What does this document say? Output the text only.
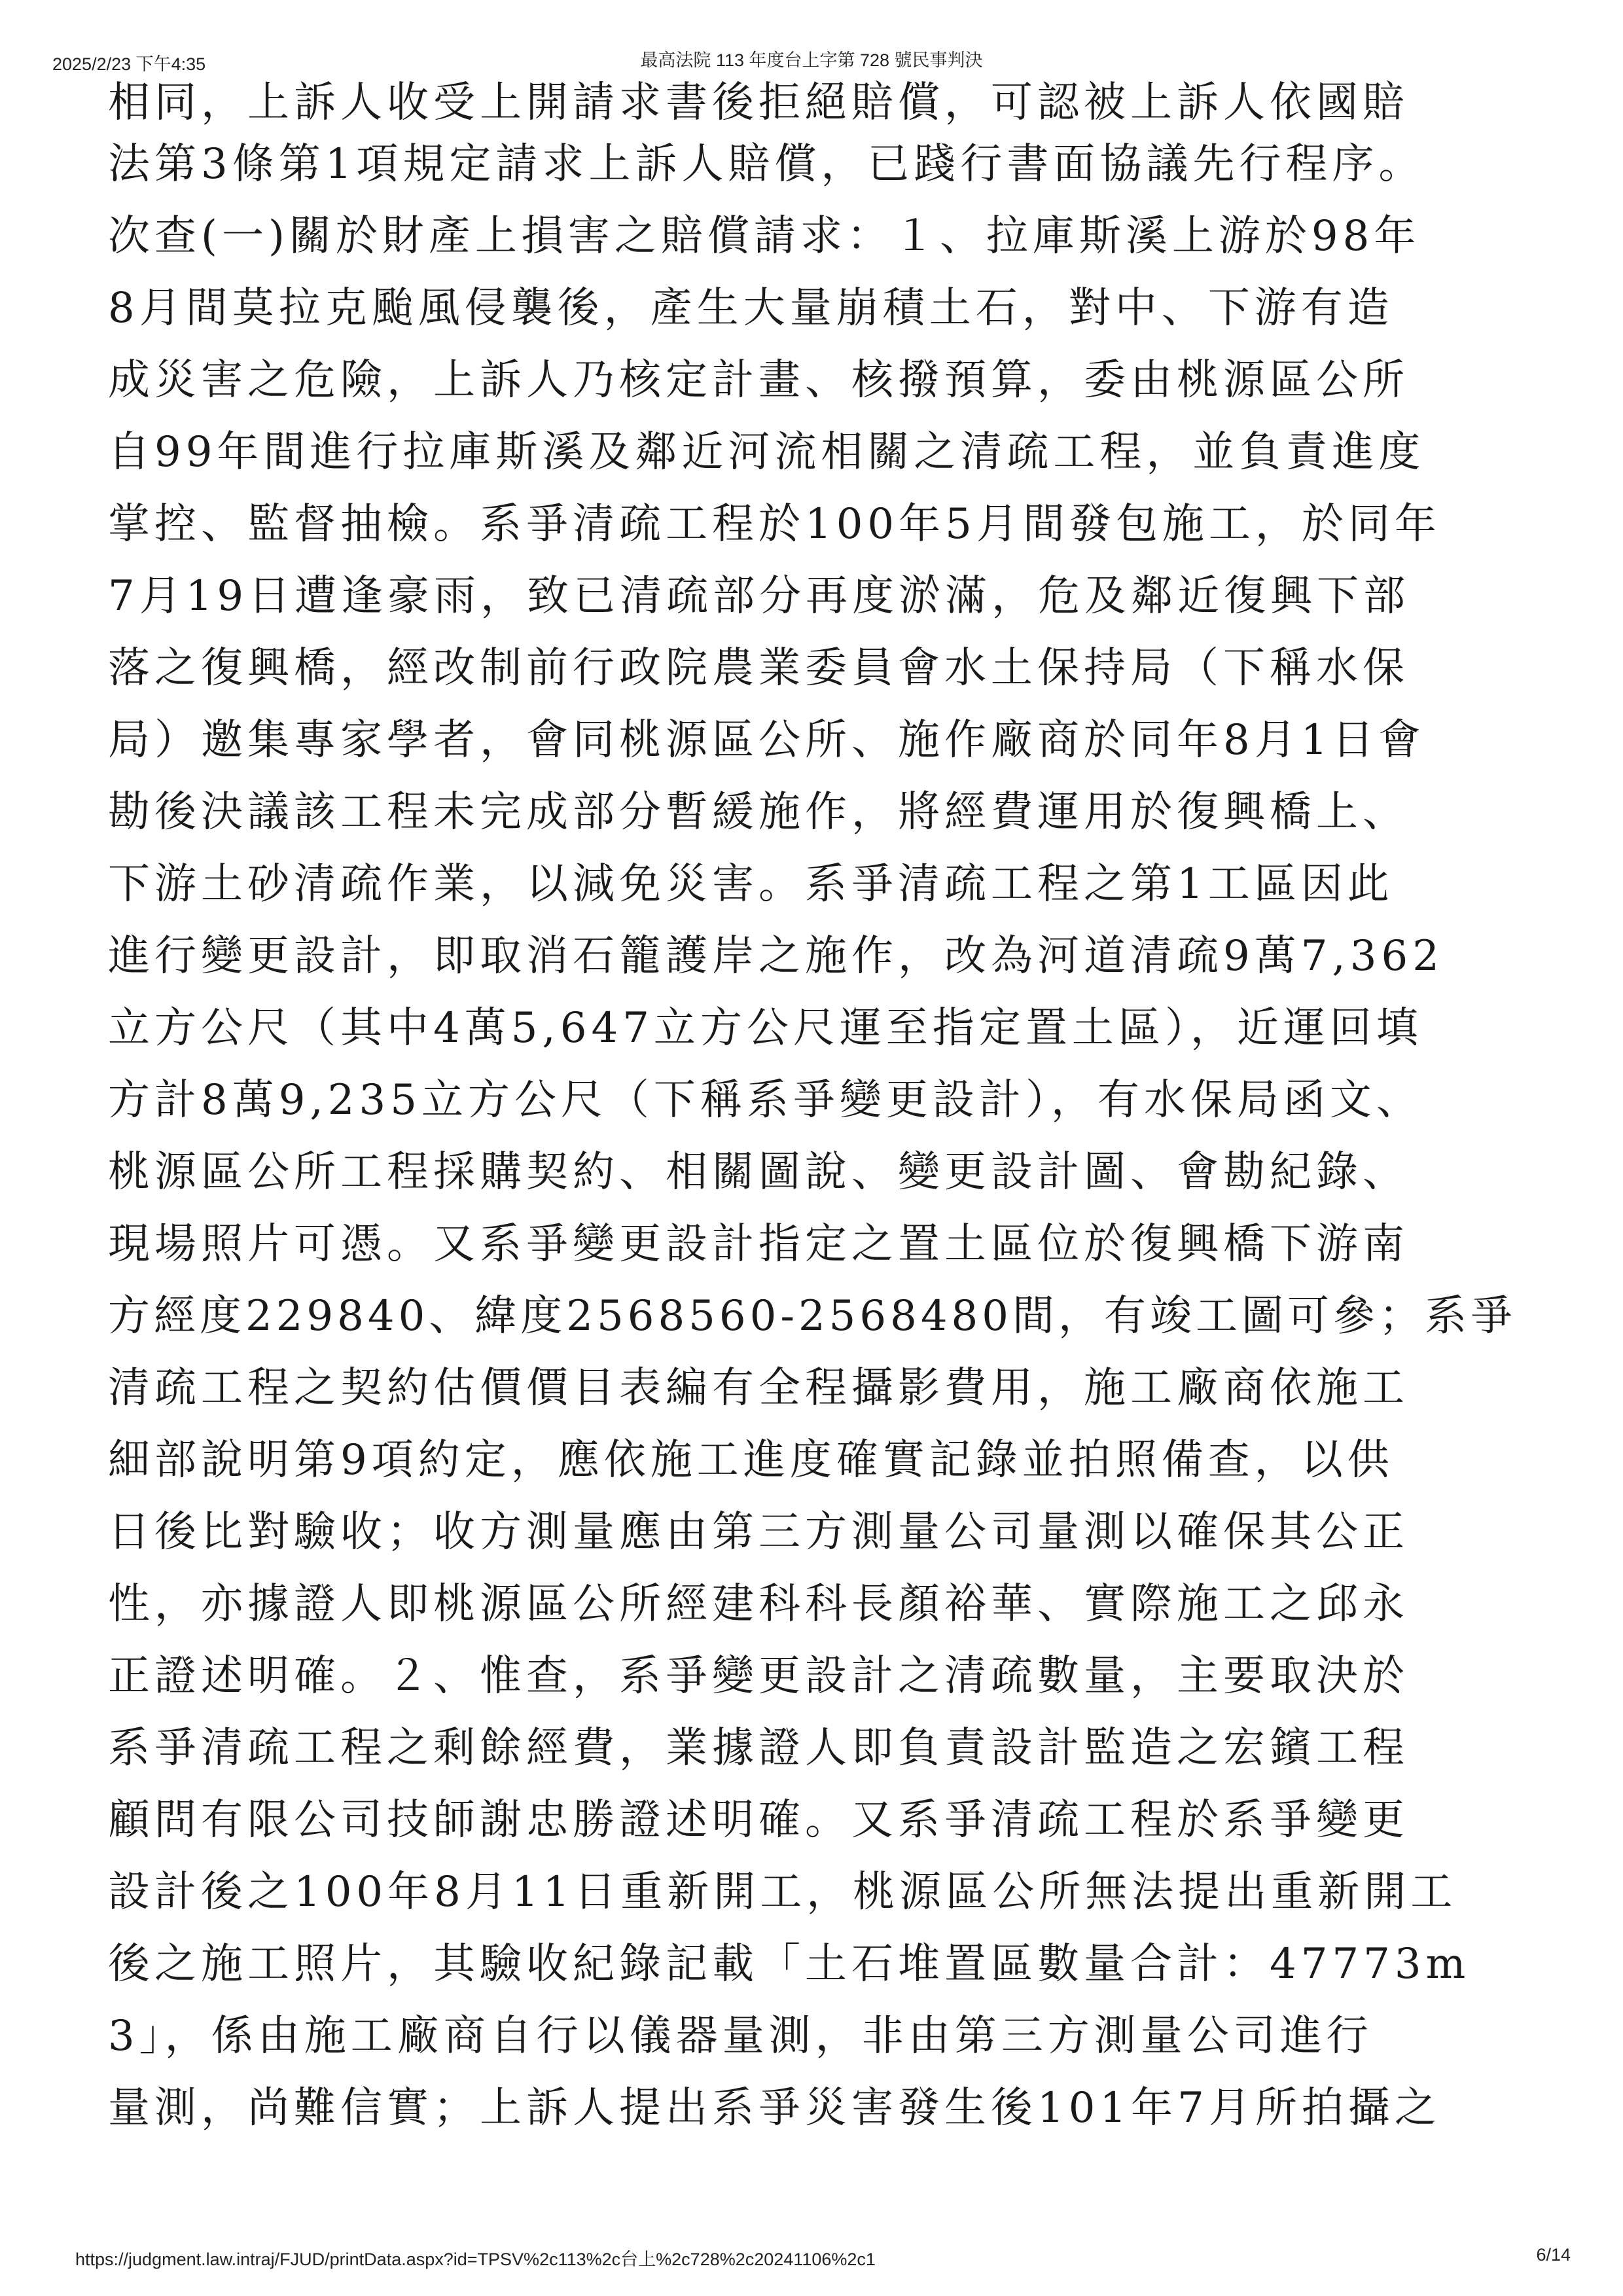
2025/2/23 下午4:35	最高法院 113 年度台上字第 728 號民事判決
相同，上訴人收受上開請求書後拒絕賠償，可認被上訴人依國賠
法第3條第1項規定請求上訴人賠償，已踐行書面協議先行程序。
次查(一)關於財產上損害之賠償請求：１、拉庫斯溪上游於98年
8月間莫拉克颱風侵襲後，產生大量崩積土石，對中、下游有造
成災害之危險，上訴人乃核定計畫、核撥預算，委由桃源區公所
自99年間進行拉庫斯溪及鄰近河流相關之清疏工程，並負責進度
掌控、監督抽檢。系爭清疏工程於100年5月間發包施工，於同年
7月19日遭逢豪雨，致已清疏部分再度淤滿，危及鄰近復興下部
落之復興橋，經改制前行政院農業委員會水土保持局（下稱水保
局）邀集專家學者，會同桃源區公所、施作廠商於同年8月1日會
勘後決議該工程未完成部分暫緩施作，將經費運用於復興橋上、
下游土砂清疏作業，以減免災害。系爭清疏工程之第1工區因此
進行變更設計，即取消石籠護岸之施作，改為河道清疏9萬7,362
立方公尺（其中4萬5,647立方公尺運至指定置土區），近運回填
方計8萬9,235立方公尺（下稱系爭變更設計），有水保局函文、
桃源區公所工程採購契約、相關圖說、變更設計圖、會勘紀錄、
現場照片可憑。又系爭變更設計指定之置土區位於復興橋下游南
方經度229840、緯度2568560-2568480間，有竣工圖可參；系爭
清疏工程之契約估價價目表編有全程攝影費用，施工廠商依施工
細部說明第9項約定，應依施工進度確實記錄並拍照備查，以供
日後比對驗收；收方測量應由第三方測量公司量測以確保其公正
性，亦據證人即桃源區公所經建科科長顏裕華、實際施工之邱永
正證述明確。２、惟查，系爭變更設計之清疏數量，主要取決於
系爭清疏工程之剩餘經費，業據證人即負責設計監造之宏鑌工程
顧問有限公司技師謝忠勝證述明確。又系爭清疏工程於系爭變更
設計後之100年8月11日重新開工，桃源區公所無法提出重新開工
後之施工照片，其驗收紀錄記載「土石堆置區數量合計：47773m
3」，係由施工廠商自行以儀器量測，非由第三方測量公司進行
量測，尚難信實；上訴人提出系爭災害發生後101年7月所拍攝之
https://judgment.law.intraj/FJUD/printData.aspx?id=TPSV%2c113%2c台上%2c728%2c20241106%2c1	6/14
